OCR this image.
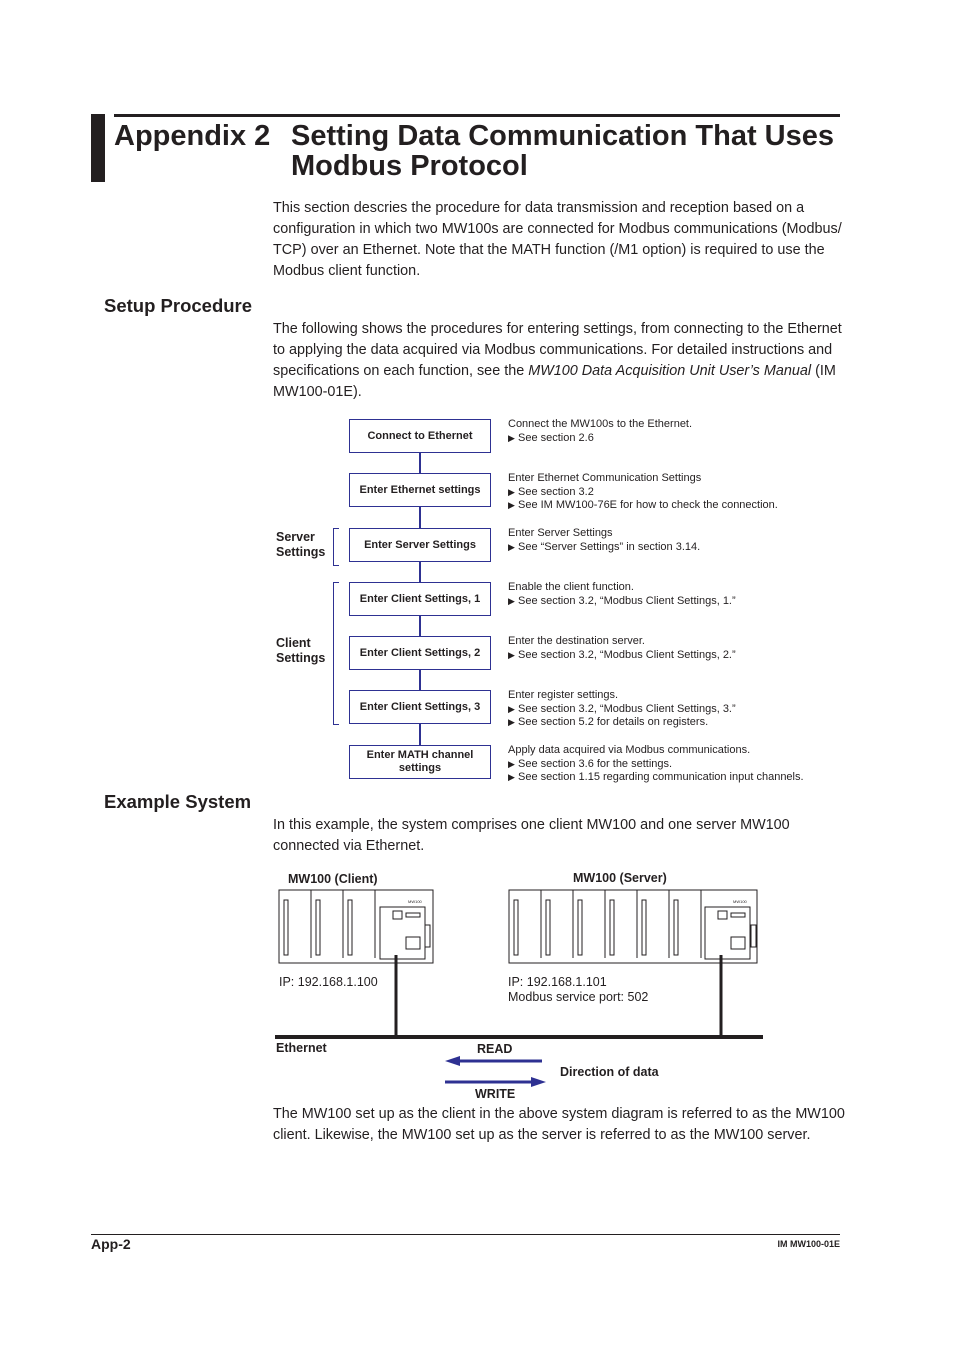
Appendix 2 Setting Data Communication That Uses Modbus Protocol

This section descries the procedure for data transmission and reception based on a configuration in which two MW100s are connected for Modbus communications (Modbus/ TCP) over an Ethernet. Note that the MATH function (/M1 option) is required to use the Modbus client function.

Setup Procedure

The following shows the procedures for entering settings, from connecting to the Ethernet to applying the data acquired via Modbus communications. For detailed instructions and specifications on each function, see the MW100 Data Acquisition Unit User’s Manual (IM MW100-01E).

Connect to Ethernet
Connect the MW100s to the Ethernet.
▶ See section 2.6
Enter Ethernet settings
Enter Ethernet Communication Settings
▶ See section 3.2
▶ See IM MW100-76E for how to check the connection.
Enter Server Settings
Enter Server Settings
▶ See “Server Settings” in section 3.14.
Enter Client Settings, 1
Enable the client function.
▶ See section 3.2, “Modbus Client Settings, 1.”
Enter Client Settings, 2
Enter the destination server.
▶ See section 3.2, “Modbus Client Settings, 2.”
Enter Client Settings, 3
Enter register settings.
▶ See section 3.2, “Modbus Client Settings, 3.”
▶ See section 5.2 for details on registers.
Enter MATH channel settings
Apply data acquired via Modbus communications.
▶ See section 3.6 for the settings.
▶ See section 1.15 regarding communication input channels.
Server Settings
Client Settings
Example System

In this example, the system comprises one client MW100 and one server MW100 connected via Ethernet.

MW100 (Client)	MW100 (Server)
MW100	MW100
IP: 192.168.1.100	IP: 192.168.1.101
Modbus service port: 502
Ethernet	READ
WRITE
Direction of data

The MW100 set up as the client in the above system diagram is referred to as the MW100 client. Likewise, the MW100 set up as the server is referred to as the MW100 server.

App-2	IM MW100-01E
